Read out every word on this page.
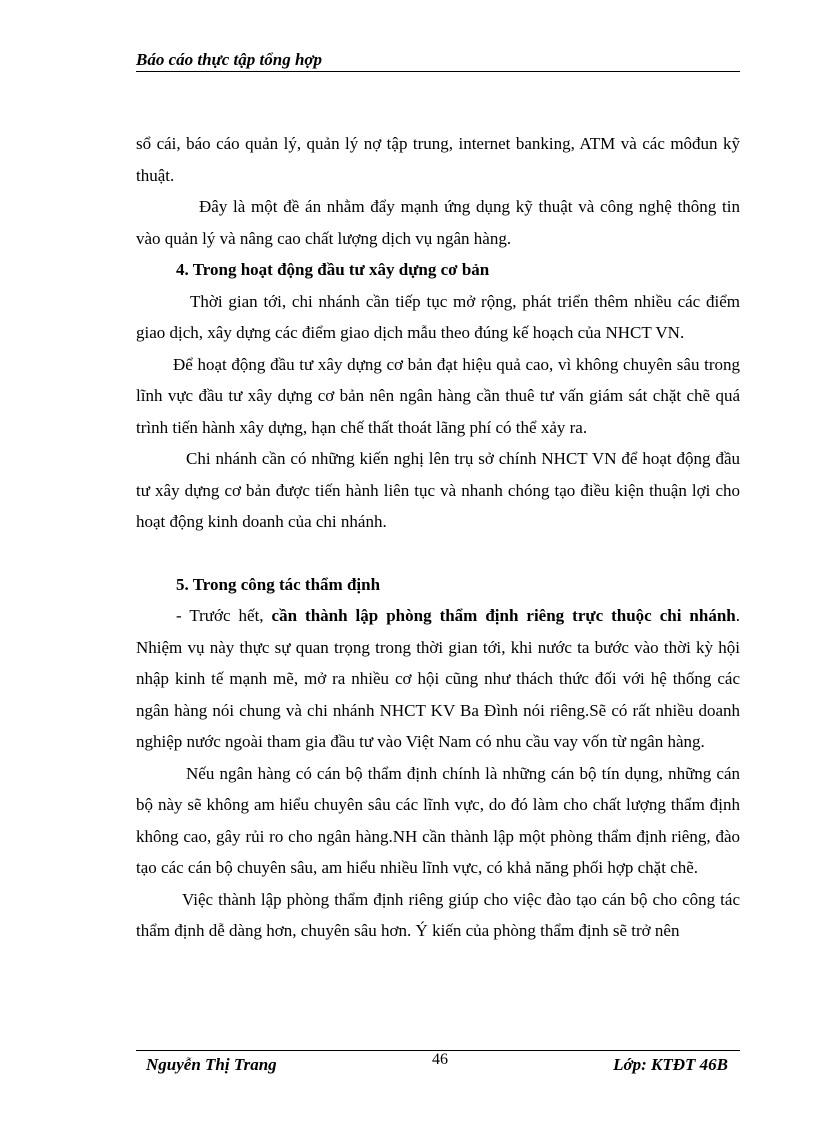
Báo cáo thực tập tổng hợp

sổ cái, báo cáo quản lý, quản lý nợ tập trung, internet banking, ATM và các môđun kỹ thuật.

Đây là một đề án nhằm đẩy mạnh ứng dụng kỹ thuật và công nghệ thông tin vào quản lý và nâng cao chất lượng dịch vụ ngân hàng.

4. Trong hoạt động đầu tư xây dựng cơ bản

Thời gian tới, chi nhánh cần tiếp tục mở rộng, phát triển thêm nhiều các điểm giao dịch, xây dựng các điểm giao dịch mẫu theo đúng kế hoạch của NHCT VN.

Để hoạt động đầu tư xây dựng cơ bản đạt hiệu quả cao, vì không chuyên sâu trong lĩnh vực đầu tư xây dựng cơ bản nên ngân hàng cần thuê tư vấn giám sát chặt chẽ quá trình tiến hành xây dựng, hạn chế thất thoát lãng phí có thể xảy ra.

Chi nhánh cần có những kiến nghị lên trụ sở chính NHCT VN để hoạt động đầu tư xây dựng cơ bản được tiến hành liên tục và nhanh chóng tạo điều kiện thuận lợi cho hoạt động kinh doanh của chi nhánh.

5. Trong công tác thẩm định

- Trước hết, cần thành lập phòng thẩm định riêng trực thuộc chi nhánh. Nhiệm vụ này thực sự quan trọng trong thời gian tới, khi nước ta bước vào thời kỳ hội nhập kinh tế mạnh mẽ, mở ra nhiều cơ hội cũng như thách thức đối với hệ thống các ngân hàng nói chung và chi nhánh NHCT KV Ba Đình nói riêng.Sẽ có rất nhiều doanh nghiệp nước ngoài tham gia đầu tư vào Việt Nam có nhu cầu vay vốn từ ngân hàng.

Nếu ngân hàng có cán bộ thẩm định chính là những cán bộ tín dụng, những cán bộ này sẽ không am hiểu chuyên sâu các lĩnh vực, do đó làm cho chất lượng thẩm định không cao, gây rủi ro cho ngân hàng.NH cần thành lập một phòng thẩm định riêng, đào tạo các cán bộ chuyên sâu, am hiểu nhiều lĩnh vực, có khả năng phối hợp chặt chẽ.

Việc thành lập phòng thẩm định riêng giúp cho việc đào tạo cán bộ cho công tác thẩm định dễ dàng hơn, chuyên sâu hơn. Ý kiến của phòng thẩm định sẽ trở nên

Nguyễn Thị Trang	46	Lớp: KTĐT 46B
